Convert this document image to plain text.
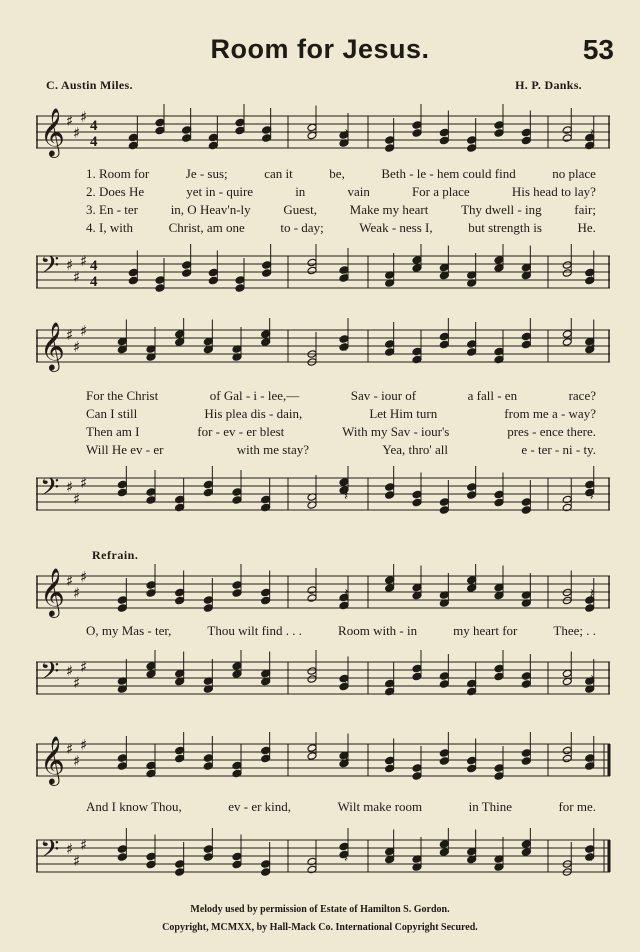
Room for Jesus.	53
C. Austin Miles.	H. P. Danks.
Refrain.
𝄞 ♯
♯
♯ 4
4	𝄽	𝄽
1. Room for	Je - sus;	can it	be,	Beth - le - hem could find	no place
2. Does He	yet in - quire	in	vain	For a place	His head to lay?
3. En - ter	in, O Heav'n-ly	Guest,	Make my heart	Thy dwell - ing	fair;
4. I, with	Christ, am one	to - day;	Weak - ness I,	but strength is	He.
𝄢 ♯
♯
♯ 4
4	𝄽	𝄽
𝄞 ♯
♯
♯
𝄽	𝄽
For the Christ	of Gal - i - lee,—	Sav - iour of	a fall - en	race?
Can I still	His plea dis - dain,	Let Him turn	from me a - way?
Then am I	for - ev - er blest	With my Sav - iour's	pres - ence there.
Will He ev - er	with me stay?	Yea, thro' all	e - ter - ni - ty.
𝄢 ♯
♯
♯
𝄽	𝄽
𝄞 ♯
♯
♯
𝄽	𝄽
O, my Mas - ter,	Thou wilt find . . .	Room with - in	my heart for	Thee; . .
𝄢 ♯
♯
♯
𝄽	𝄽
𝄞 ♯
♯
♯
𝄽	𝄽
And I know Thou,	ev - er kind,	Wilt make room	in Thine	for me.
𝄢 ♯
♯
♯
𝄽	𝄽
Melody used by permission of Estate of Hamilton S. Gordon.
Copyright, MCMXX, by Hall-Mack Co. International Copyright Secured.
